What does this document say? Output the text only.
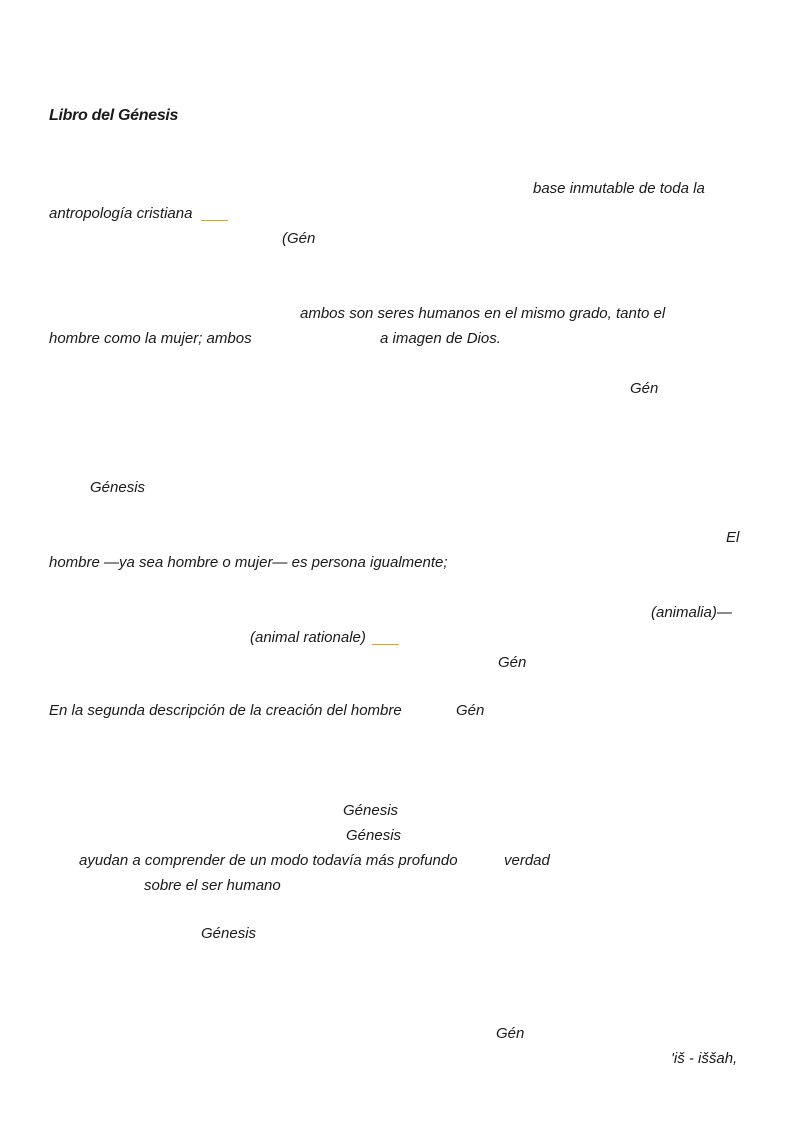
Libro del Génesis
base inmutable de toda la
antropología cristiana
(Gén
ambos son seres humanos en el mismo grado, tanto el
hombre como la mujer; ambos	a imagen de Dios.
Gén
Génesis
El
hombre —ya sea hombre o mujer— es persona igualmente;
(animalia)—
(animal rationale)
Gén
En la segunda descripción de la creación del hombre	Gén
Génesis
Génesis
ayudan a comprender de un modo todavía más profundo	verdad
sobre el ser humano
Génesis
Gén
'iš - iššah,
